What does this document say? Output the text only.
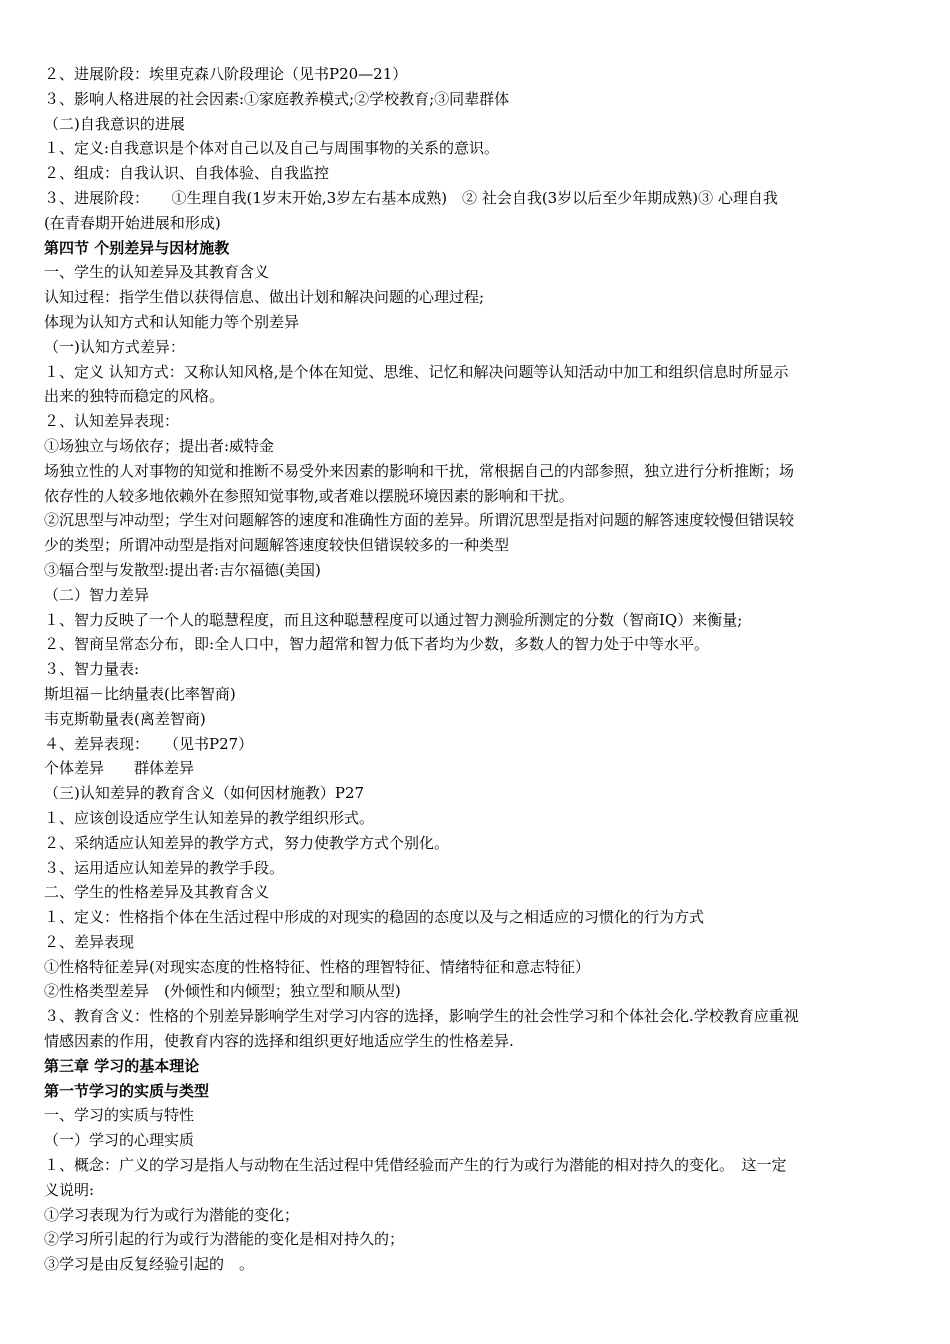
２、进展阶段：埃里克森八阶段理论（见书P20—21）
３、影响人格进展的社会因素:①家庭教养模式;②学校教育;③同辈群体
（二)自我意识的进展
１、定义:自我意识是个体对自己以及自己与周围事物的关系的意识。
２、组成：自我认识、自我体验、自我监控
３、进展阶段：　　①生理自我(1岁末开始,3岁左右基本成熟)　② 社会自我(3岁以后至少年期成熟)③ 心理自我
(在青春期开始进展和形成)
第四节 个别差异与因材施教
一、学生的认知差异及其教育含义
认知过程：指学生借以获得信息、做出计划和解决问题的心理过程;
体现为认知方式和认知能力等个别差异
（一)认知方式差异：
１、定义 认知方式：又称认知风格,是个体在知觉、思维、记忆和解决问题等认知活动中加工和组织信息时所显示
出来的独特而稳定的风格。
２、认知差异表现：
①场独立与场依存；提出者:威特金
场独立性的人对事物的知觉和推断不易受外来因素的影响和干扰，常根据自己的内部参照，独立进行分析推断；场
依存性的人较多地依赖外在参照知觉事物,或者难以摆脱环境因素的影响和干扰。
②沉思型与冲动型；学生对问题解答的速度和准确性方面的差异。所谓沉思型是指对问题的解答速度较慢但错误较
少的类型；所谓冲动型是指对问题解答速度较快但错误较多的一种类型
③辐合型与发散型:提出者:吉尔福德(美国)
（二）智力差异
１、智力反映了一个人的聪慧程度，而且这种聪慧程度可以通过智力测验所测定的分数（智商IQ）来衡量;
２、智商呈常态分布，即:全人口中，智力超常和智力低下者均为少数，多数人的智力处于中等水平。
３、智力量表:
斯坦福－比纳量表(比率智商)
韦克斯勒量表(离差智商)
４、差异表现：　　（见书P27）
个体差异　　群体差异
（三)认知差异的教育含义（如何因材施教）P27
１、应该创设适应学生认知差异的教学组织形式。
２、采纳适应认知差异的教学方式，努力使教学方式个别化。
３、运用适应认知差异的教学手段。
二、学生的性格差异及其教育含义
１、定义：性格指个体在生活过程中形成的对现实的稳固的态度以及与之相适应的习惯化的行为方式
２、差异表现
①性格特征差异(对现实态度的性格特征、性格的理智特征、情绪特征和意志特征）
②性格类型差异　(外倾性和内倾型；独立型和顺从型)
３、教育含义：性格的个别差异影响学生对学习内容的选择，影响学生的社会性学习和个体社会化.学校教育应重视
情感因素的作用，使教育内容的选择和组织更好地适应学生的性格差异.
第三章 学习的基本理论
第一节学习的实质与类型
一、学习的实质与特性
（一）学习的心理实质
１、概念：广义的学习是指人与动物在生活过程中凭借经验而产生的行为或行为潜能的相对持久的变化。　这一定
义说明:
①学习表现为行为或行为潜能的变化；
②学习所引起的行为或行为潜能的变化是相对持久的；
③学习是由反复经验引起的　。
